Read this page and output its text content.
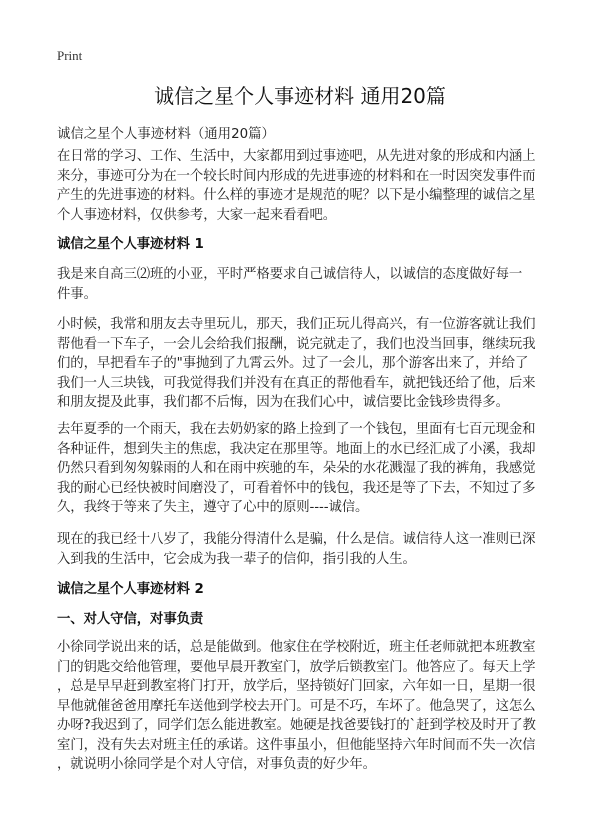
Print
诚信之星个人事迹材料 通用20篇
诚信之星个人事迹材料（通用20篇）
在日常的学习、工作、生活中，大家都用到过事迹吧，从先进对象的形成和内涵上
来分，事迹可分为在一个较长时间内形成的先进事迹的材料和在一时因突发事件而
产生的先进事迹的材料。什么样的事迹才是规范的呢？以下是小编整理的诚信之星
个人事迹材料，仅供参考，大家一起来看看吧。
诚信之星个人事迹材料 1
我是来自高三⑵班的小亚，平时严格要求自己诚信待人，以诚信的态度做好每一
件事。
小时候，我常和朋友去寺里玩儿，那天，我们正玩儿得高兴，有一位游客就让我们
帮他看一下车子，一会儿会给我们报酬，说完就走了，我们也没当回事，继续玩我
们的，早把看车子的"事抛到了九霄云外。过了一会儿，那个游客出来了，并给了
我们一人三块钱，可我觉得我们并没有在真正的帮他看车，就把钱还给了他，后来
和朋友提及此事，我们都不后悔，因为在我们心中，诚信要比金钱珍贵得多。
去年夏季的一个雨天，我在去奶奶家的路上捡到了一个钱包，里面有七百元现金和
各种证件，想到失主的焦虑，我决定在那里等。地面上的水已经汇成了小溪，我却
仍然只看到匆匆躲雨的人和在雨中疾驰的车，朵朵的水花溅湿了我的裤角，我感觉
我的耐心已经快被时间磨没了，可看着怀中的钱包，我还是等了下去，不知过了多
久，我终于等来了失主，遵守了心中的原则----诚信。
现在的我已经十八岁了，我能分得清什么是骗，什么是信。诚信待人这一准则已深
入到我的生活中，它会成为我一辈子的信仰，指引我的人生。
诚信之星个人事迹材料 2
一、对人守信，对事负责
小徐同学说出来的话，总是能做到。他家住在学校附近，班主任老师就把本班教室
门的钥匙交给他管理，要他早晨开教室门，放学后锁教室门。他答应了。每天上学
，总是早早赶到教室将门打开，放学后，坚持锁好门回家，六年如一日，星期一很
早他就催爸爸用摩托车送他到学校去开门。可是不巧，车坏了。他急哭了，这怎么
办呀?我迟到了，同学们怎么能进教室。她硬是找爸要钱打的`赶到学校及时开了教
室门，没有失去对班主任的承诺。这件事虽小，但他能坚持六年时间而不失一次信
，就说明小徐同学是个对人守信，对事负责的好少年。
